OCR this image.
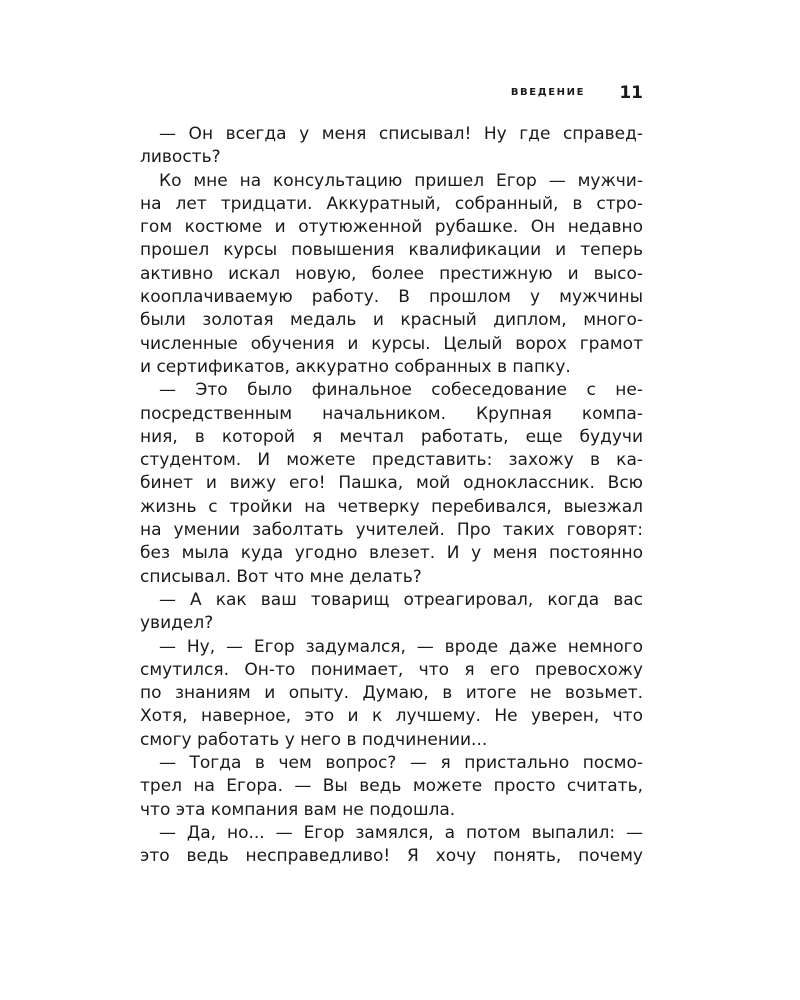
ВВЕДЕНИЕ 11
— Он всегда у меня списывал! Ну где справед-
ливость?
Ко мне на консультацию пришел Егор — мужчи-
на лет тридцати. Аккуратный, собранный, в стро-
гом костюме и отутюженной рубашке. Он недавно
прошел курсы повышения квалификации и теперь
активно искал новую, более престижную и высо-
кооплачиваемую работу. В прошлом у мужчины
были золотая медаль и красный диплом, много-
численные обучения и курсы. Целый ворох грамот
и сертификатов, аккуратно собранных в папку.
— Это было финальное собеседование с не-
посредственным начальником. Крупная компа-
ния, в которой я мечтал работать, еще будучи
студентом. И можете представить: захожу в ка-
бинет и вижу его! Пашка, мой одноклассник. Всю
жизнь с тройки на четверку перебивался, выезжал
на умении заболтать учителей. Про таких говорят:
без мыла куда угодно влезет. И у меня постоянно
списывал. Вот что мне делать?
— А как ваш товарищ отреагировал, когда вас
увидел?
— Ну, — Егор задумался, — вроде даже немного
смутился. Он-то понимает, что я его превосхожу
по знаниям и опыту. Думаю, в итоге не возьмет.
Хотя, наверное, это и к лучшему. Не уверен, что
смогу работать у него в подчинении...
— Тогда в чем вопрос? — я пристально посмо-
трел на Егора. — Вы ведь можете просто считать,
что эта компания вам не подошла.
— Да, но... — Егор замялся, а потом выпалил: —
это ведь несправедливо! Я хочу понять, почему
